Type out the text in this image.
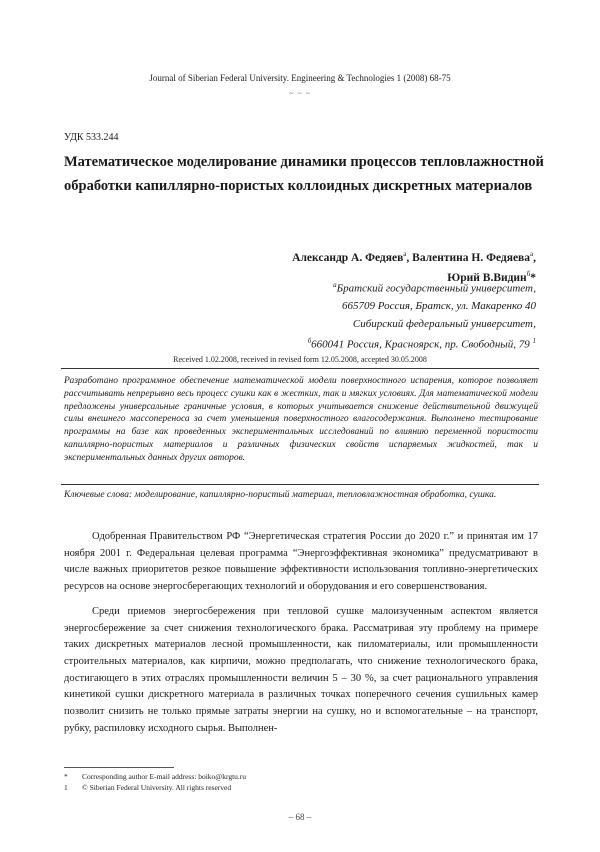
Journal of Siberian Federal University. Engineering & Technologies 1 (2008) 68-75
~ ~ ~
УДК 533.244
Математическое моделирование динамики процессов тепловлажностной обработки капиллярно-пористых коллоидных дискретных материалов
Александр А. Федяев$^а$, Валентина Н. Федяева$^а$,
Юрий В.Видин$^б$*
$^а$Братский государственный университет,
665709 Россия, Братск, ул. Макаренко 40
Сибирский федеральный университет,
$^б$660041 Россия, Красноярск, пр. Свободный, 79 $^1$
Received 1.02.2008, received in revised form 12.05.2008, accepted 30.05.2008

Разработано программное обеспечение математической модели поверхностного испарения, которое позволяет рассчитывать непрерывно весь процесс сушки как в жестких, так и мягких условиях. Для математической модели предложены универсальные граничные условия, в которых учитывается снижение действительной движущей силы внешнего массопереноса за счет уменьшения поверхностного влагосодержания. Выполнено тестирование программы на базе как проведенных экспериментальных исследований по влиянию переменной пористости капиллярно-пористых материалов и различных физических свойств испаряемых жидкостей, так и экспериментальных данных других авторов.

Ключевые слова: моделирование, капиллярно-пористый материал, тепловлажностная обработка, сушка.

Одобренная Правительством РФ “Энергетическая стратегия России до 2020 г.” и принятая им 17 ноября 2001 г. Федеральная целевая программа “Энергоэффективная экономика” предусматривают в числе важных приоритетов резкое повышение эффективности использования топливно-энергетических ресурсов на основе энергосберегающих технологий и оборудования и его совершенствования.

Среди приемов энергосбережения при тепловой сушке малоизученным аспектом является энергосбережение за счет снижения технологического брака. Рассматривая эту проблему на примере таких дискретных материалов лесной промышленности, как пиломатериалы, или промышленности строительных материалов, как кирпичи, можно предполагать, что снижение технологического брака, достигающего в этих отраслях промышленности величин 5 – 30 %, за счет рационального управления кинетикой сушки дискретного материала в различных точках поперечного сечения сушильных камер позволит снизить не только прямые затраты энергии на сушку, но и вспомогательные – на транспорт, рубку, распиловку исходного сырья. Выполнен-

* Corresponding author E-mail address: boiko@krgtu.ru
1 © Siberian Federal University. All rights reserved
– 68 –
